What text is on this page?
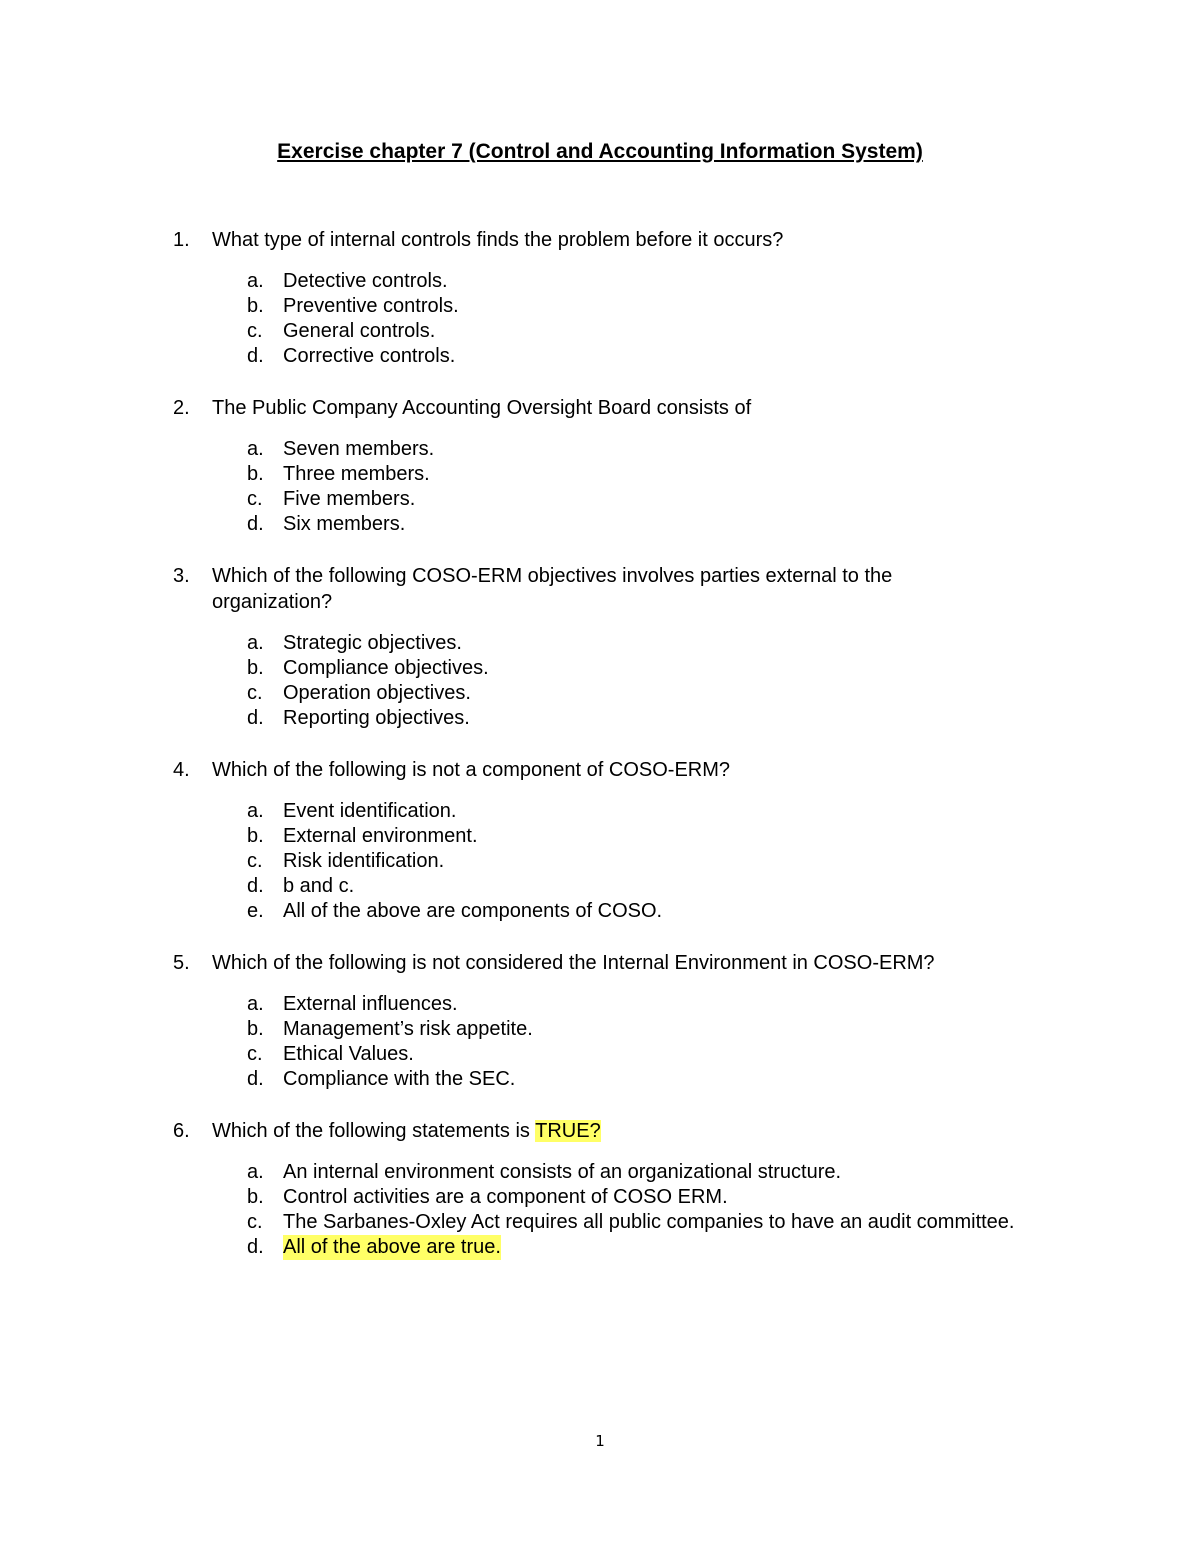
Exercise chapter 7 (Control and Accounting Information System)
1.	What type of internal controls finds the problem before it occurs?
a. Detective controls.
b. Preventive controls.
c.	General controls.
d. Corrective controls.
2.	The Public Company Accounting Oversight Board consists of
a. Seven members.
b. Three members.
c.	Five members.
d. Six members.
3.	Which of the following COSO-ERM objectives involves parties external to the organization?
a. Strategic objectives.
b. Compliance objectives.
c.	Operation objectives.
d. Reporting objectives.
4.	Which of the following is not a component of COSO-ERM?
a. Event identification.
b. External environment.
c.	Risk identification.
d. b and c.
e. All of the above are components of COSO.
5.	Which of the following is not considered the Internal Environment in COSO-ERM?
a. External influences.
b. Management’s risk appetite.
c.	Ethical Values.
d. Compliance with the SEC.
6.	Which of the following statements is TRUE?
a. An internal environment consists of an organizational structure.
b. Control activities are a component of COSO ERM.
c.	The Sarbanes-Oxley Act requires all public companies to have an audit committee.
d. All of the above are true.
1
